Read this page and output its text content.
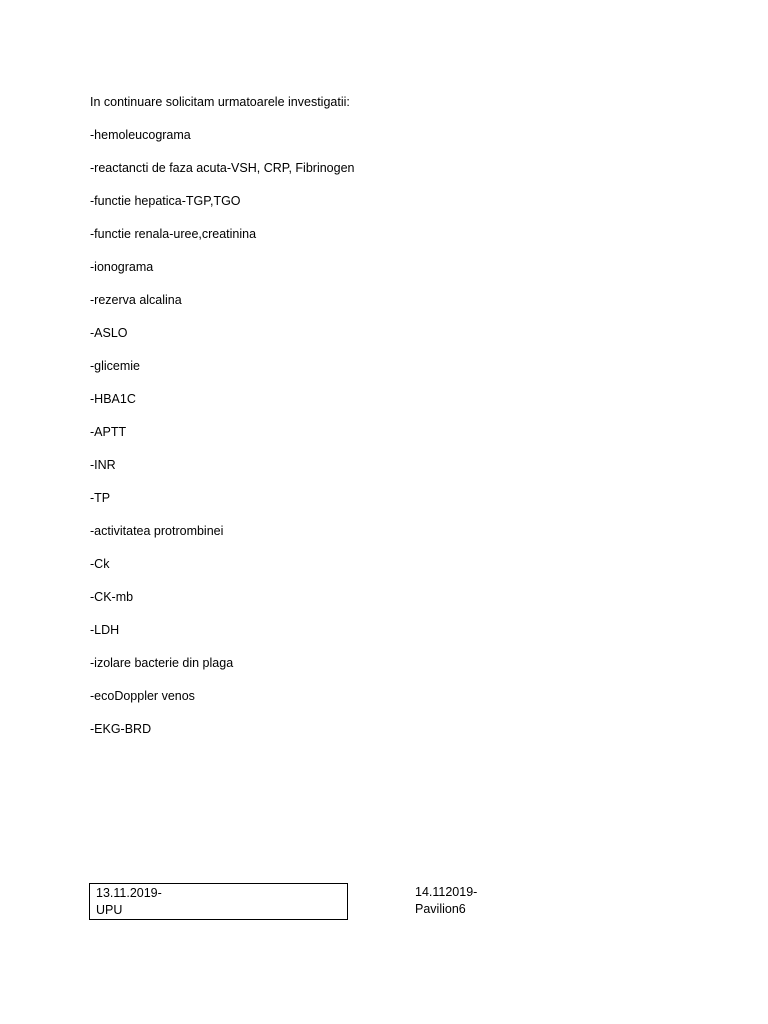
In continuare solicitam urmatoarele investigatii:
-hemoleucograma
-reactancti de faza acuta-VSH, CRP, Fibrinogen
-functie hepatica-TGP,TGO
-functie renala-uree,creatinina
-ionograma
-rezerva alcalina
-ASLO
-glicemie
-HBA1C
-APTT
-INR
-TP
-activitatea protrombinei
-Ck
-CK-mb
-LDH
-izolare bacterie din plaga
-ecoDoppler venos
-EKG-BRD
13.11.2019-
UPU
14.112019-
Pavilion6
